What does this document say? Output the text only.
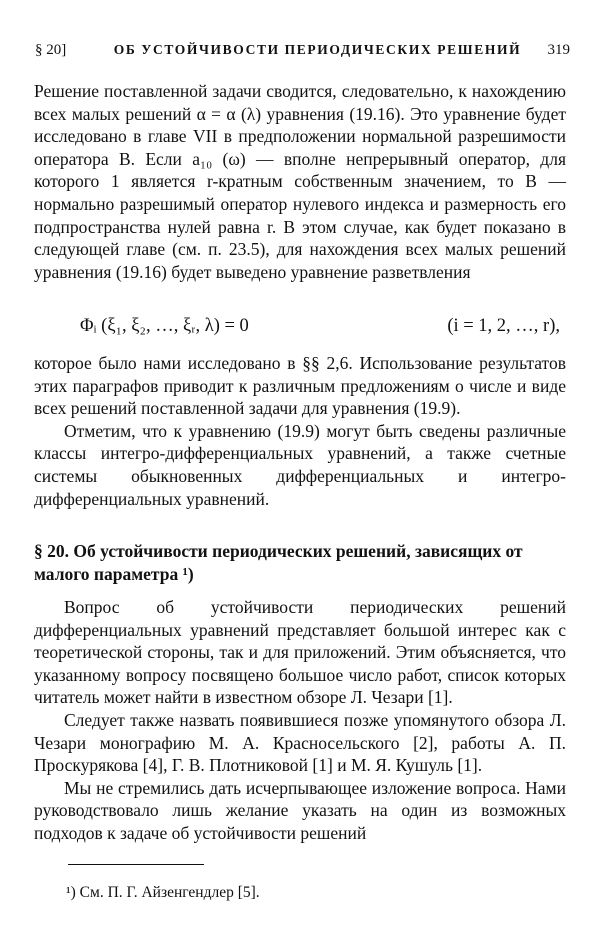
§ 20]	ОБ УСТОЙЧИВОСТИ ПЕРИОДИЧЕСКИХ РЕШЕНИЙ	319

Решение поставленной задачи сводится, следовательно, к нахождению всех малых решений α = α (λ) уравнения (19.16). Это уравнение будет исследовано в главе VII в предположении нормальной разрешимости оператора B. Если a₁₀ (ω) — вполне непрерывный оператор, для которого 1 является r-кратным собственным значением, то B — нормально разрешимый оператор нулевого индекса и размерность его подпространства нулей равна r. В этом случае, как будет показано в следующей главе (см. п. 23.5), для нахождения всех малых решений уравнения (19.16) будет выведено уравнение разветвления

Φᵢ (ξ₁, ξ₂, …, ξᵣ, λ) = 0	(i = 1, 2, …, r),

которое было нами исследовано в §§ 2,6. Использование результатов этих параграфов приводит к различным предложениям о числе и виде всех решений поставленной задачи для уравнения (19.9).

Отметим, что к уравнению (19.9) могут быть сведены различные классы интегро-дифференциальных уравнений, а также счетные системы обыкновенных дифференциальных и интегро-дифференциальных уравнений.

§ 20. Об устойчивости периодических решений, зависящих от малого параметра ¹)

Вопрос об устойчивости периодических решений дифференциальных уравнений представляет большой интерес как с теоретической стороны, так и для приложений. Этим объясняется, что указанному вопросу посвящено большое число работ, список которых читатель может найти в известном обзоре Л. Чезари [1].

Следует также назвать появившиеся позже упомянутого обзора Л. Чезари монографию М. А. Красносельского [2], работы А. П. Проскурякова [4], Г. В. Плотниковой [1] и М. Я. Кушуль [1].

Мы не стремились дать исчерпывающее изложение вопроса. Нами руководствовало лишь желание указать на один из возможных подходов к задаче об устойчивости решений

¹) См. П. Г. Айзенгендлер [5].
